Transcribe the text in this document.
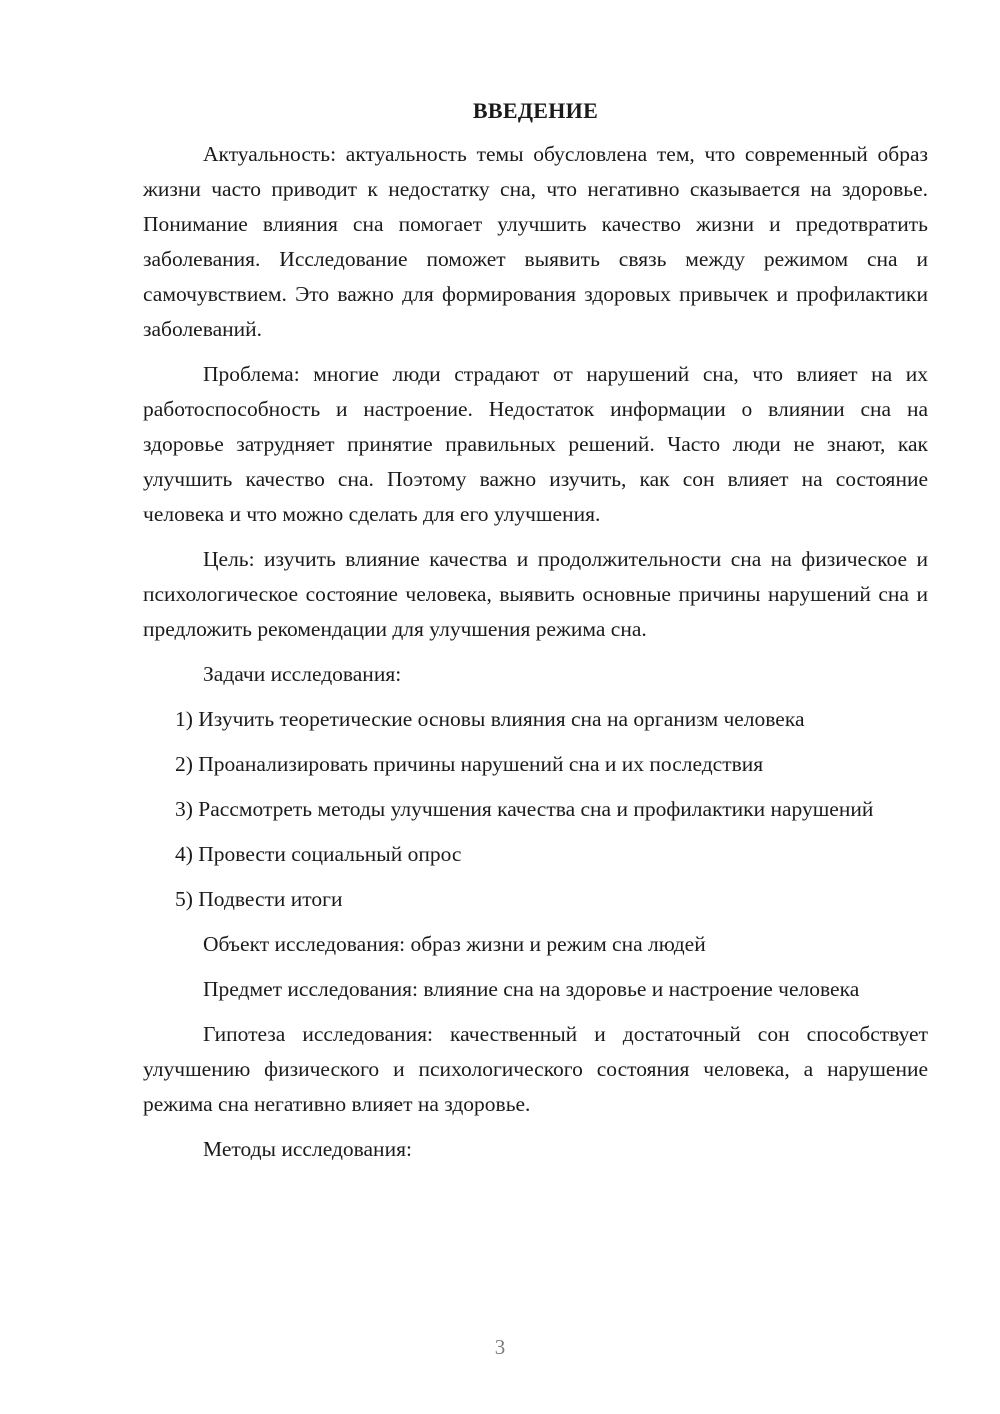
ВВЕДЕНИЕ

Актуальность: актуальность темы обусловлена тем, что современный образ жизни часто приводит к недостатку сна, что негативно сказывается на здоровье. Понимание влияния сна помогает улучшить качество жизни и предотвратить заболевания. Исследование поможет выявить связь между режимом сна и самочувствием. Это важно для формирования здоровых привычек и профилактики заболеваний.

Проблема: многие люди страдают от нарушений сна, что влияет на их работоспособность и настроение. Недостаток информации о влиянии сна на здоровье затрудняет принятие правильных решений. Часто люди не знают, как улучшить качество сна. Поэтому важно изучить, как сон влияет на состояние человека и что можно сделать для его улучшения.

Цель: изучить влияние качества и продолжительности сна на физическое и психологическое состояние человека, выявить основные причины нарушений сна и предложить рекомендации для улучшения режима сна.

Задачи исследования:

1) Изучить теоретические основы влияния сна на организм человека

2) Проанализировать причины нарушений сна и их последствия

3) Рассмотреть методы улучшения качества сна и профилактики нарушений

4) Провести социальный опрос

5) Подвести итоги

Объект исследования: образ жизни и режим сна людей

Предмет исследования: влияние сна на здоровье и настроение человека

Гипотеза исследования: качественный и достаточный сон способствует улучшению физического и психологического состояния человека, а нарушение режима сна негативно влияет на здоровье.

Методы исследования:

3
